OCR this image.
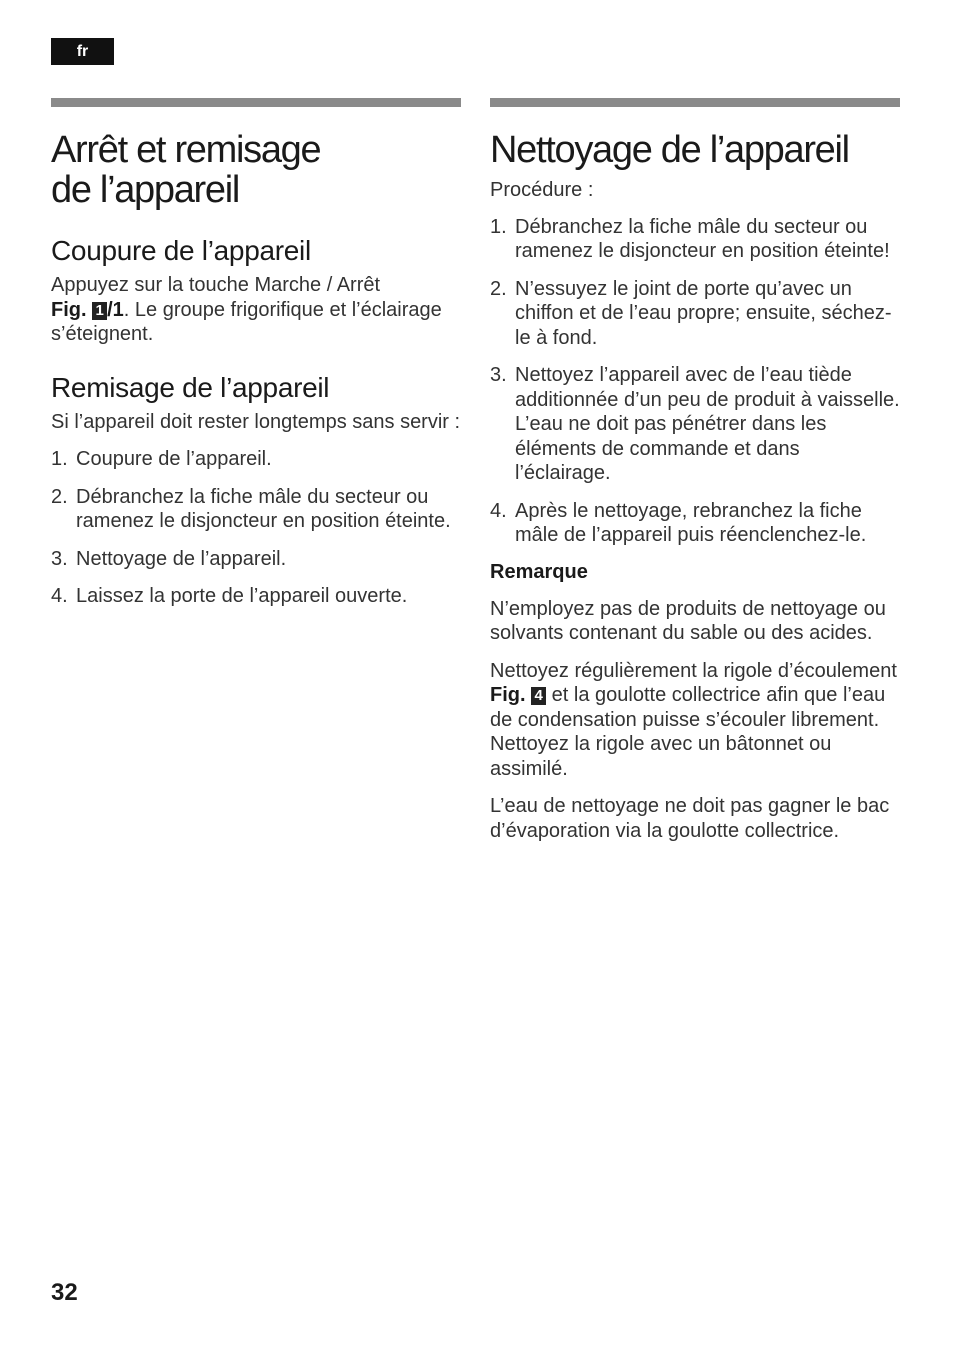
fr
Arrêt et remisage
de l’appareil
Coupure de l’appareil

Appuyez sur la touche Marche / Arrêt
Fig. 1 /1. Le groupe frigorifique et l’éclairage s’éteignent.

Remisage de l’appareil

Si l’appareil doit rester longtemps sans servir :

1. Coupure de l’appareil.
2. Débranchez la fiche mâle du secteur ou ramenez le disjoncteur en position éteinte.
3. Nettoyage de l’appareil.
4. Laissez la porte de l’appareil ouverte.
Nettoyage de l’appareil

Procédure :

1. Débranchez la fiche mâle du secteur ou ramenez le disjoncteur en position éteinte!
2. N’essuyez le joint de porte qu’avec un chiffon et de l’eau propre; ensuite, séchez-le à fond.
3. Nettoyez l’appareil avec de l’eau tiède additionnée d’un peu de produit à vaisselle. L’eau ne doit pas pénétrer dans les éléments de commande et dans l’éclairage.
4. Après le nettoyage, rebranchez la fiche mâle de l’appareil puis réenclenchez-le.
Remarque

N’employez pas de produits de nettoyage ou solvants contenant du sable ou des acides.

Nettoyez régulièrement la rigole d’écoulement Fig. 4 et la goulotte collectrice afin que l’eau de condensation puisse s’écouler librement. Nettoyez la rigole avec un bâtonnet ou assimilé.

L’eau de nettoyage ne doit pas gagner le bac d’évaporation via la goulotte collectrice.

32
